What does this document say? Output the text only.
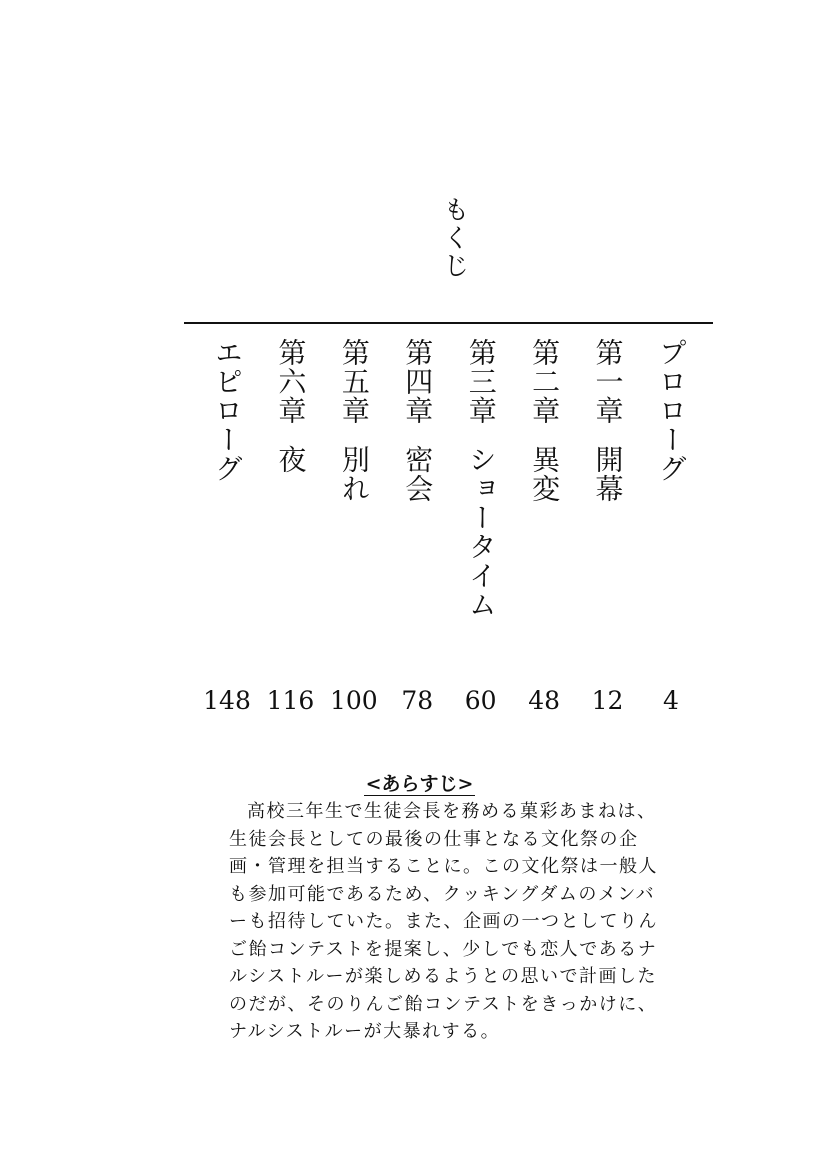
もくじ
プロローグ
第一章開幕
第二章異変
第三章ショータイム
第四章密会
第五章別れ
第六章夜
エピローグ
4
12
48
60
78
100
116
148
<あらすじ>

高校三年生で生徒会長を務める菓彩あまねは、生徒会長としての最後の仕事となる文化祭の企画・管理を担当することに。この文化祭は一般人も参加可能であるため、クッキングダムのメンバーも招待していた。また、企画の一つとしてりんご飴コンテストを提案し、少しでも恋人であるナルシストルーが楽しめるようとの思いで計画したのだが、そのりんご飴コンテストをきっかけに、ナルシストルーが大暴れする。
